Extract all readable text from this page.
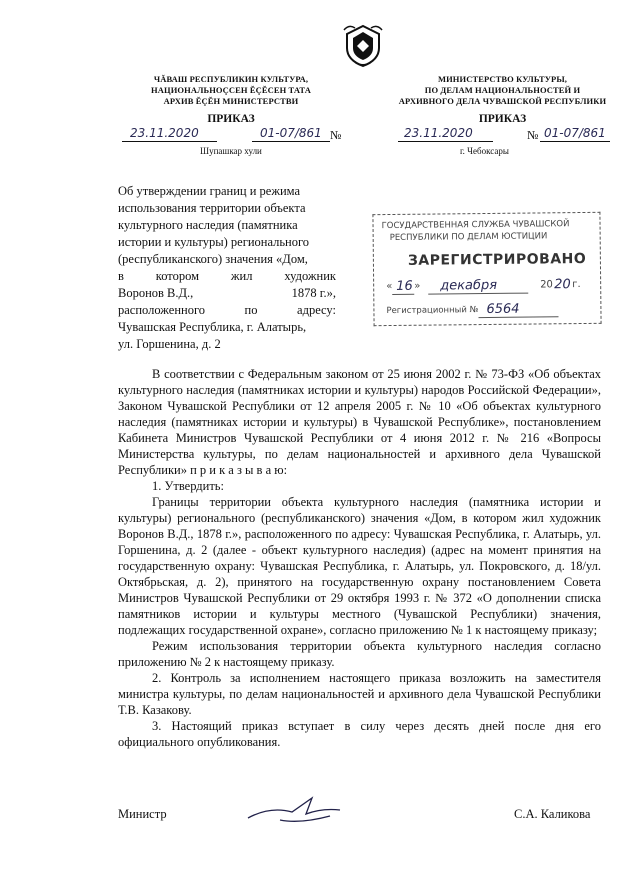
ЧĂВАШ РЕСПУБЛИКИН КУЛЬТУРА,
НАЦИОНАЛЬНОÇСЕН ĔÇĔСЕН ТАТА
АРХИВ ĔÇĔН МИНИСТЕРСТВИ
МИНИСТЕРСТВО КУЛЬТУРЫ,
ПО ДЕЛАМ НАЦИОНАЛЬНОСТЕЙ И
АРХИВНОГО ДЕЛА ЧУВАШСКОЙ РЕСПУБЛИКИ
ПРИКАЗ	ПРИКАЗ
23.11.2020	01-07/861 №
Шупашкар хули
23.11.2020	№ 01-07/861
г. Чебоксары
Об утверждении границ и режима
использования территории объекта
культурного наследия (памятника
истории и культуры) регионального
(республиканского) значения «Дом,
в	котором	жил	художник
Воронов В.Д.,	1878 г.»,
расположенного	по	адресу:
Чувашская Республика, г. Алатырь,
ул. Горшенина, д. 2
ГОСУДАРСТВЕННАЯ СЛУЖБА ЧУВАШСКОЙ
РЕСПУБЛИКИ ПО ДЕЛАМ ЮСТИЦИИ
ЗАРЕГИСТРИРОВАНО
« 16 » декабря	20 20 г.
Регистрационный № 6564

В соответствии с Федеральным законом от 25 июня 2002 г. № 73-ФЗ «Об объектах культурного наследия (памятниках истории и культуры) народов Российской Федерации», Законом Чувашской Республики от 12 апреля 2005 г. № 10 «Об объектах культурного наследия (памятниках истории и культуры) в Чувашской Республике», постановлением Кабинета Министров Чувашской Республики от 4 июня 2012 г. № 216 «Вопросы Министерства культуры, по делам национальностей и архивного дела Чувашской Республики» п р и к а з ы в а ю:

1. Утвердить:

Границы территории объекта культурного наследия (памятника истории и культуры) регионального (республиканского) значения «Дом, в котором жил художник Воронов В.Д., 1878 г.», расположенного по адресу: Чувашская Республика, г. Алатырь, ул. Горшенина, д. 2 (далее - объект культурного наследия) (адрес на момент принятия на государственную охрану: Чувашская Республика, г. Алатырь, ул. Покровского, д. 18/ул. Октябрьская, д. 2), принятого на государственную охрану постановлением Совета Министров Чувашской Республики от 29 октября 1993 г. № 372 «О дополнении списка памятников истории и культуры местного (Чувашской Республики) значения, подлежащих государственной охране», согласно приложению № 1 к настоящему приказу;

Режим использования территории объекта культурного наследия согласно приложению № 2 к настоящему приказу.

2. Контроль за исполнением настоящего приказа возложить на заместителя министра культуры, по делам национальностей и архивного дела Чувашской Республики Т.В. Казакову.

3. Настоящий приказ вступает в силу через десять дней после дня его официального опубликования.

Министр	С.А. Каликова
